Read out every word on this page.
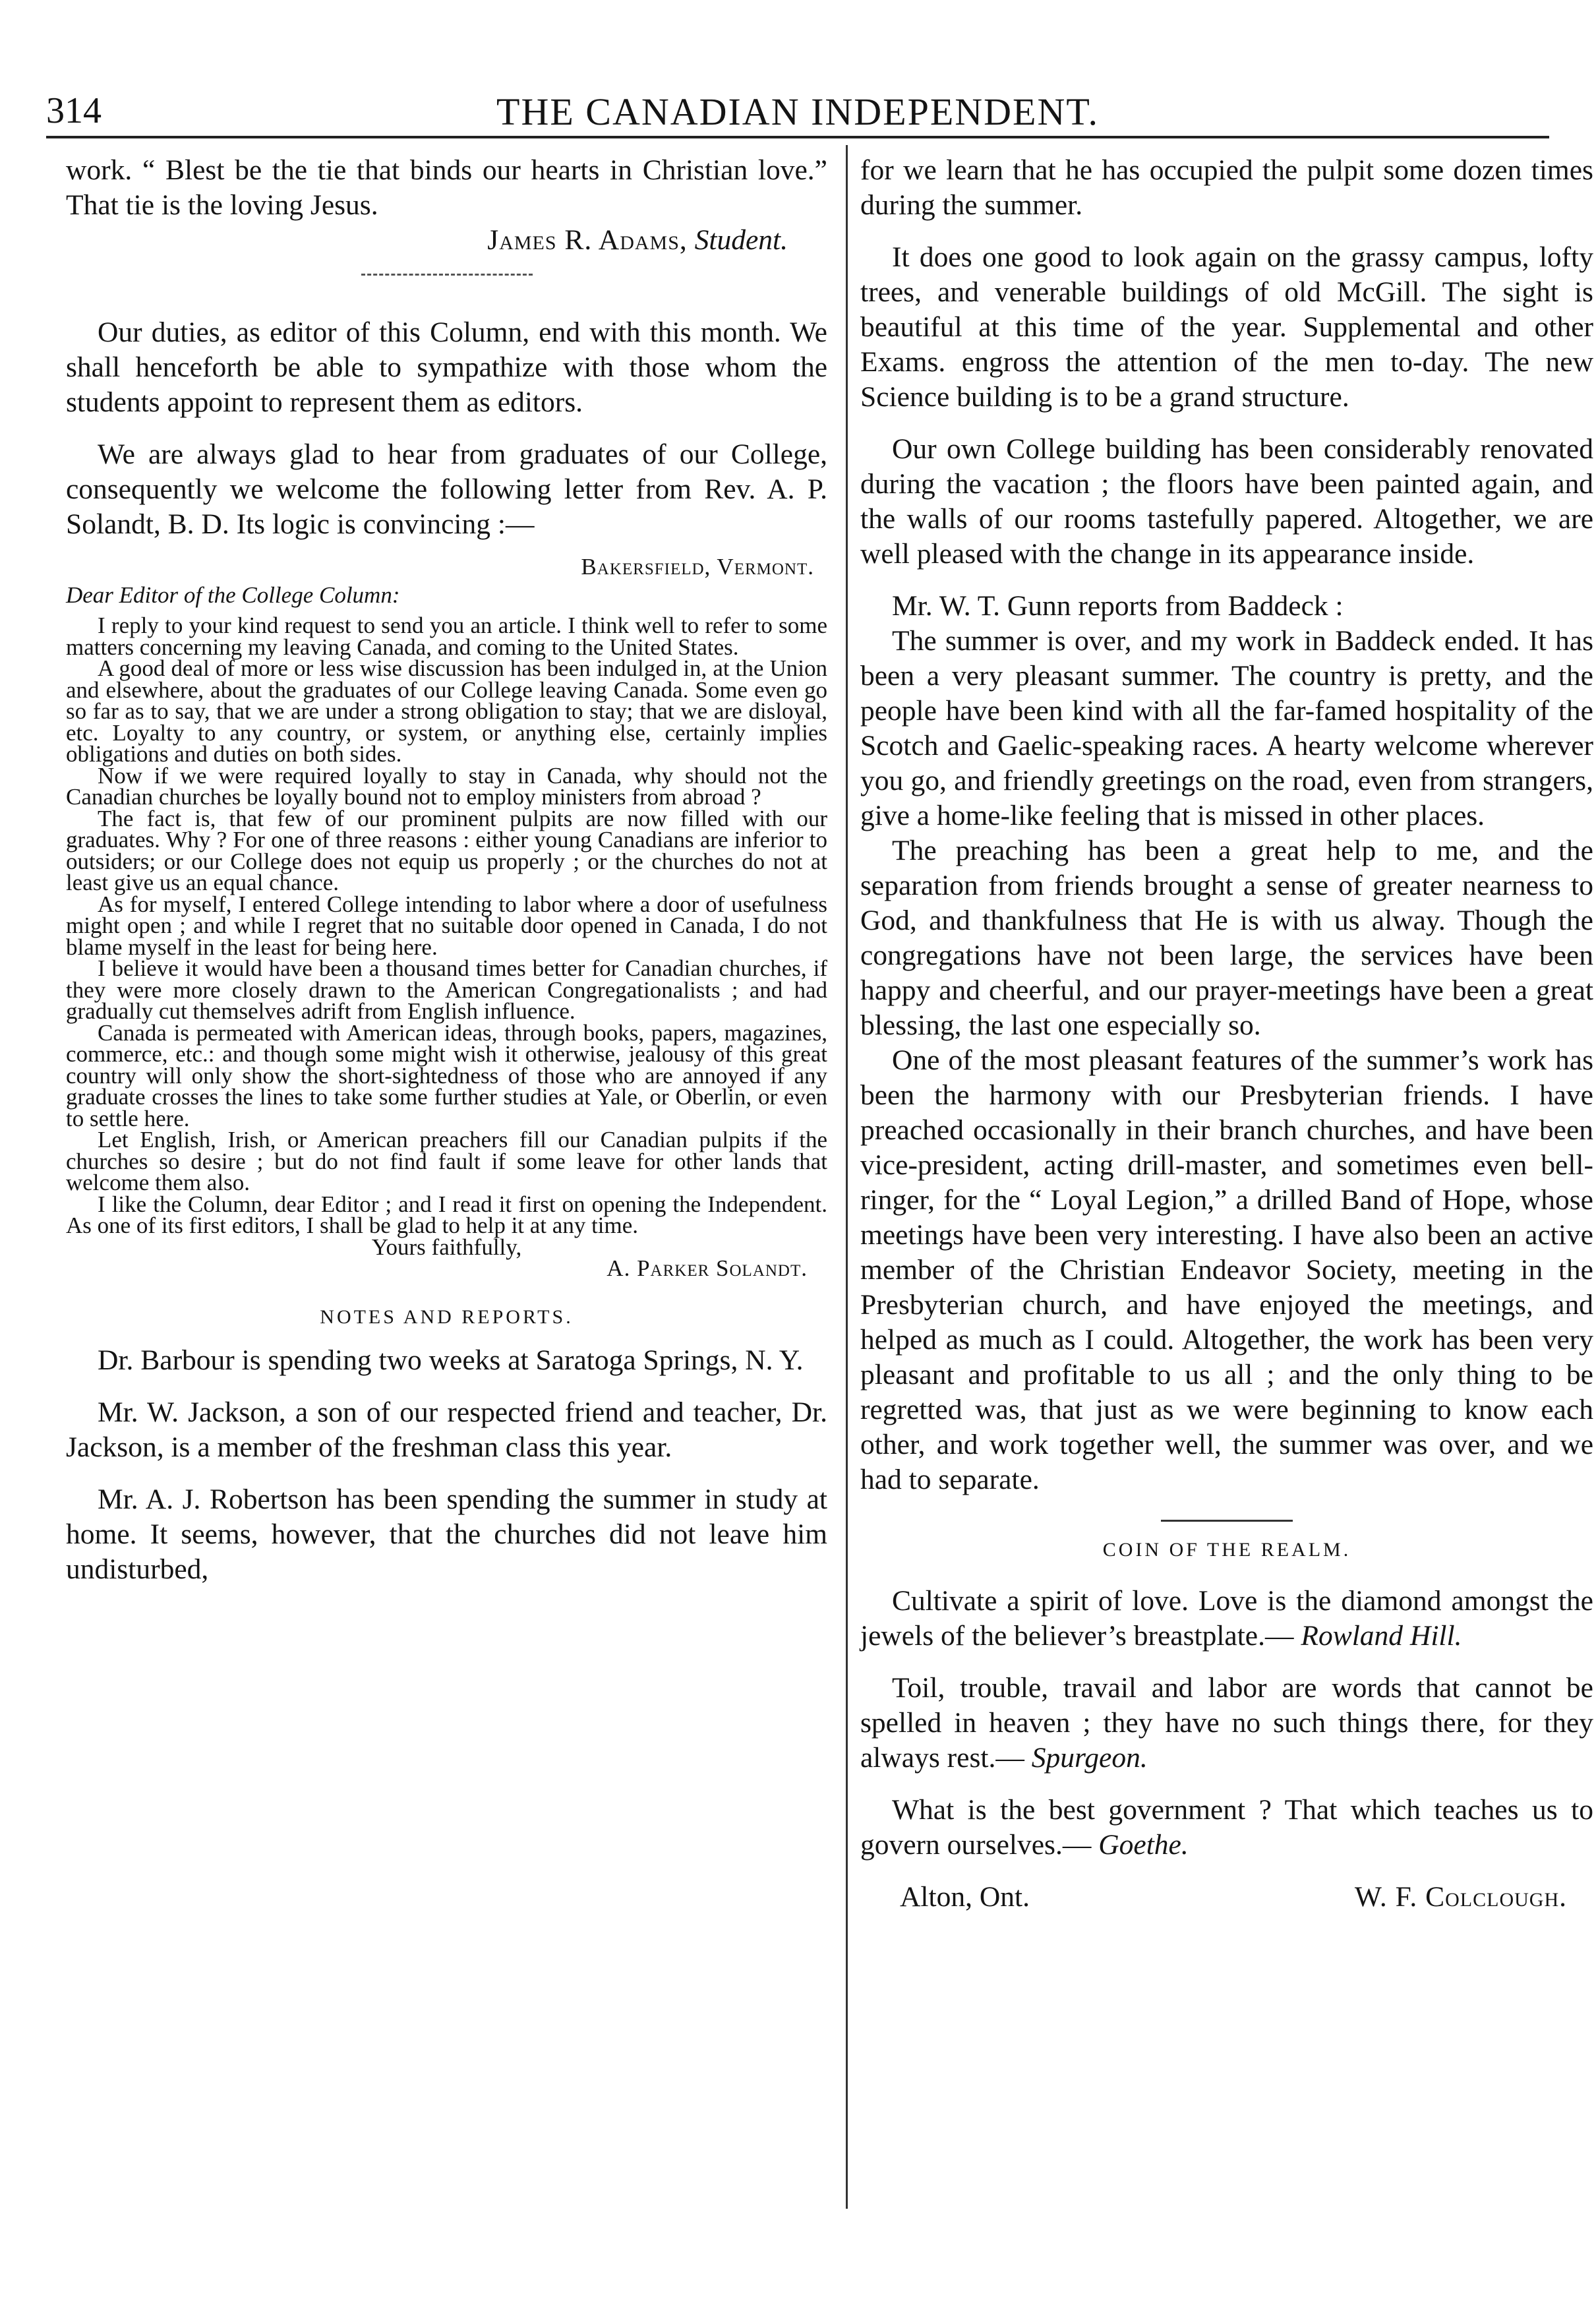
314	THE CANADIAN INDEPENDENT.

work. “ Blest be the tie that binds our hearts in Christian love.” That tie is the loving Jesus.

James R. Adams, Student.

Our duties, as editor of this Column, end with this month. We shall henceforth be able to sympathize with those whom the students appoint to represent them as editors.

We are always glad to hear from graduates of our College, consequently we welcome the following letter from Rev. A. P. Solandt, B. D. Its logic is convincing :—

Bakersfield, Vermont.

Dear Editor of the College Column:

I reply to your kind request to send you an article. I think well to refer to some matters concerning my leaving Canada, and coming to the United States.

A good deal of more or less wise discussion has been indulged in, at the Union and elsewhere, about the graduates of our College leaving Canada. Some even go so far as to say, that we are under a strong obligation to stay; that we are disloyal, etc. Loyalty to any country, or system, or anything else, certainly implies obligations and duties on both sides.

Now if we were required loyally to stay in Canada, why should not the Canadian churches be loyally bound not to employ ministers from abroad ?

The fact is, that few of our prominent pulpits are now filled with our graduates. Why ? For one of three reasons : either young Canadians are inferior to outsiders; or our College does not equip us properly ; or the churches do not at least give us an equal chance.

As for myself, I entered College intending to labor where a door of usefulness might open ; and while I regret that no suitable door opened in Canada, I do not blame myself in the least for being here.

I believe it would have been a thousand times better for Canadian churches, if they were more closely drawn to the American Congregationalists ; and had gradually cut themselves adrift from English influence.

Canada is permeated with American ideas, through books, papers, magazines, commerce, etc.: and though some might wish it otherwise, jealousy of this great country will only show the short-sightedness of those who are annoyed if any graduate crosses the lines to take some further studies at Yale, or Oberlin, or even to settle here.

Let English, Irish, or American preachers fill our Canadian pulpits if the churches so desire ; but do not find fault if some leave for other lands that welcome them also.

I like the Column, dear Editor ; and I read it first on opening the Independent. As one of its first editors, I shall be glad to help it at any time.

Yours faithfully,

A. Parker Solandt.

NOTES AND REPORTS.

Dr. Barbour is spending two weeks at Saratoga Springs, N. Y.

Mr. W. Jackson, a son of our respected friend and teacher, Dr. Jackson, is a member of the freshman class this year.

Mr. A. J. Robertson has been spending the summer in study at home. It seems, however, that the churches did not leave him undisturbed,

for we learn that he has occupied the pulpit some dozen times during the summer.

It does one good to look again on the grassy campus, lofty trees, and venerable buildings of old McGill. The sight is beautiful at this time of the year. Supplemental and other Exams. engross the attention of the men to-day. The new Science building is to be a grand structure.

Our own College building has been considerably renovated during the vacation ; the floors have been painted again, and the walls of our rooms tastefully papered. Altogether, we are well pleased with the change in its appearance inside.

Mr. W. T. Gunn reports from Baddeck :

The summer is over, and my work in Baddeck ended. It has been a very pleasant summer. The country is pretty, and the people have been kind with all the far-famed hospitality of the Scotch and Gaelic-speaking races. A hearty welcome wherever you go, and friendly greetings on the road, even from strangers, give a home-like feeling that is missed in other places.

The preaching has been a great help to me, and the separation from friends brought a sense of greater nearness to God, and thankfulness that He is with us alway. Though the congregations have not been large, the services have been happy and cheerful, and our prayer-meetings have been a great blessing, the last one especially so.

One of the most pleasant features of the summer’s work has been the harmony with our Presbyterian friends. I have preached occasionally in their branch churches, and have been vice-president, acting drill-master, and sometimes even bell-ringer, for the “ Loyal Legion,” a drilled Band of Hope, whose meetings have been very interesting. I have also been an active member of the Christian Endeavor Society, meeting in the Presbyterian church, and have enjoyed the meetings, and helped as much as I could. Altogether, the work has been very pleasant and profitable to us all ; and the only thing to be regretted was, that just as we were beginning to know each other, and work together well, the summer was over, and we had to separate.

COIN OF THE REALM.

Cultivate a spirit of love. Love is the diamond amongst the jewels of the believer’s breastplate.— Rowland Hill.

Toil, trouble, travail and labor are words that cannot be spelled in heaven ; they have no such things there, for they always rest.— Spurgeon.

What is the best government ? That which teaches us to govern ourselves.— Goethe.

Alton, Ont.	W. F. Colclough.
